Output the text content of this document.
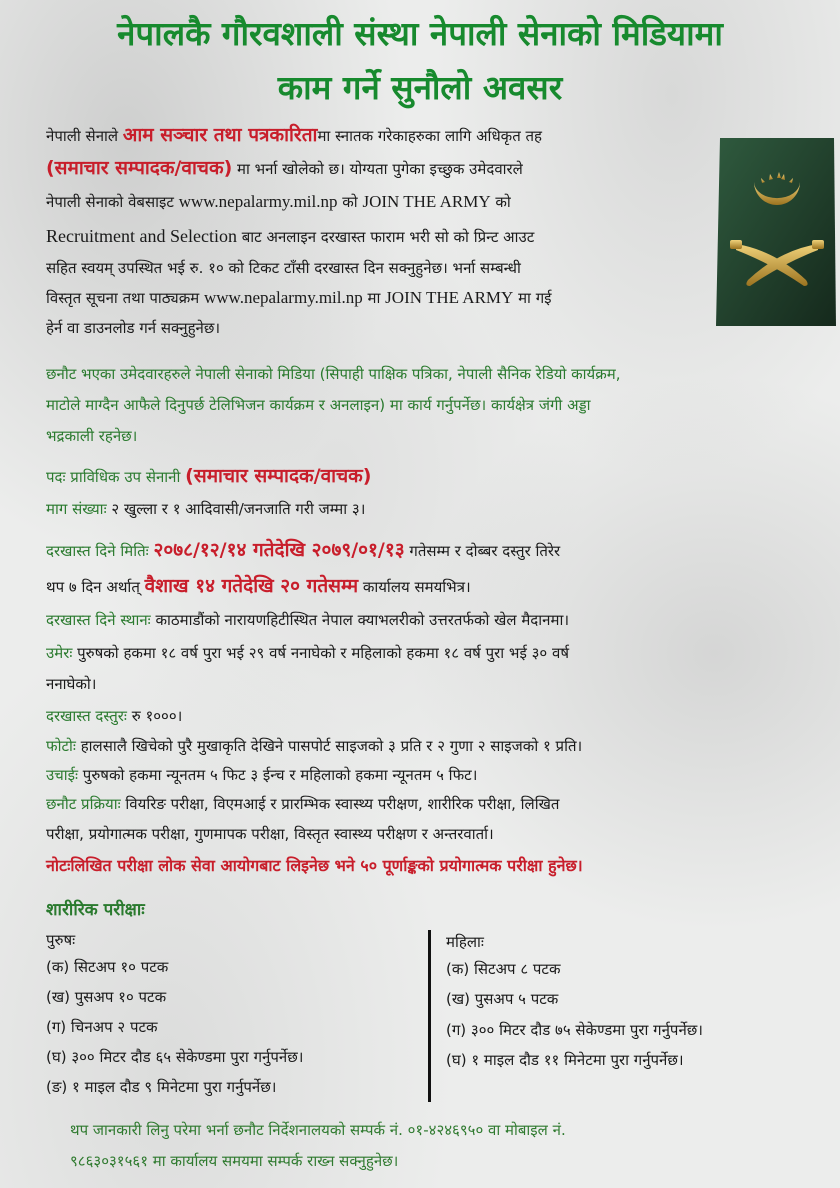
नेपालकै गौरवशाली संस्था नेपाली सेनाको मिडियामा
काम गर्ने सुनौलो अवसर
नेपाली सेनाले आम सञ्चार तथा पत्रकारितामा स्नातक गरेकाहरुका लागि अधिकृत तह
(समाचार सम्पादक/वाचक) मा भर्ना खोलेको छ। योग्यता पुगेका इच्छुक उमेदवारले
नेपाली सेनाको वेबसाइट www.nepalarmy.mil.np को JOIN THE ARMY को
Recruitment and Selection बाट अनलाइन दरखास्त फाराम भरी सो को प्रिन्ट आउट
सहित स्वयम् उपस्थित भई रु. १० को टिकट टाँसी दरखास्त दिन सक्नुहुनेछ। भर्ना सम्बन्धी
विस्तृत सूचना तथा पाठ्यक्रम www.nepalarmy.mil.np मा JOIN THE ARMY मा गई
हेर्न वा डाउनलोड गर्न सक्नुहुनेछ।
छनौट भएका उमेदवारहरुले नेपाली सेनाको मिडिया (सिपाही पाक्षिक पत्रिका, नेपाली सैनिक रेडियो कार्यक्रम,
माटोले माग्दैन आफैले दिनुपर्छ टेलिभिजन कार्यक्रम र अनलाइन) मा कार्य गर्नुपर्नेछ। कार्यक्षेत्र जंगी अड्डा
भद्रकाली रहनेछ।
पदः प्राविधिक उप सेनानी (समाचार सम्पादक/वाचक)
माग संख्याः २ खुल्ला र १ आदिवासी/जनजाति गरी जम्मा ३।
दरखास्त दिने मितिः २०७८/१२/१४ गतेदेखि २०७९/०१/१३ गतेसम्म र दोब्बर दस्तुर तिरेर
थप ७ दिन अर्थात् वैशाख १४ गतेदेखि २० गतेसम्म कार्यालय समयभित्र।
दरखास्त दिने स्थानः काठमाडौंको नारायणहिटीस्थित नेपाल क्याभलरीको उत्तरतर्फको खेल मैदानमा।
उमेरः पुरुषको हकमा १८ वर्ष पुरा भई २९ वर्ष ननाघेको र महिलाको हकमा १८ वर्ष पुरा भई ३० वर्ष
ननाघेको।
दरखास्त दस्तुरः रु १०००।
फोटोः हालसालै खिचेको पुरै मुखाकृति देखिने पासपोर्ट साइजको ३ प्रति र २ गुणा २ साइजको १ प्रति।
उचाईः पुरुषको हकमा न्यूनतम ५ फिट ३ ईन्च र महिलाको हकमा न्यूनतम ५ फिट।
छनौट प्रक्रियाः वियरिङ परीक्षा, विएमआई र प्रारम्भिक स्वास्थ्य परीक्षण, शारीरिक परीक्षा, लिखित
परीक्षा, प्रयोगात्मक परीक्षा, गुणमापक परीक्षा, विस्तृत स्वास्थ्य परीक्षण र अन्तरवार्ता।
नोटःलिखित परीक्षा लोक सेवा आयोगबाट लिइनेछ भने ५० पूर्णाङ्कको प्रयोगात्मक परीक्षा हुनेछ।
शारीरिक परीक्षाः
पुरुषः	महिलाः
थप जानकारी लिनु परेमा भर्ना छनौट निर्देशनालयको सम्पर्क नं. ०१-४२४६९५० वा मोबाइल नं.
९८६३०३१५६१ मा कार्यालय समयमा सम्पर्क राख्न सक्नुहुनेछ।
(क) सिटअप १० पटक
(ख) पुसअप १० पटक
(ग) चिनअप २ पटक
(घ) ३०० मिटर दौड ६५ सेकेण्डमा पुरा गर्नुपर्नेछ।
(ङ) १ माइल दौड ९ मिनेटमा पुरा गर्नुपर्नेछ।
(क) सिटअप ८ पटक
(ख) पुसअप ५ पटक
(ग) ३०० मिटर दौड ७५ सेकेण्डमा पुरा गर्नुपर्नेछ।
(घ) १ माइल दौड ११ मिनेटमा पुरा गर्नुपर्नेछ।
